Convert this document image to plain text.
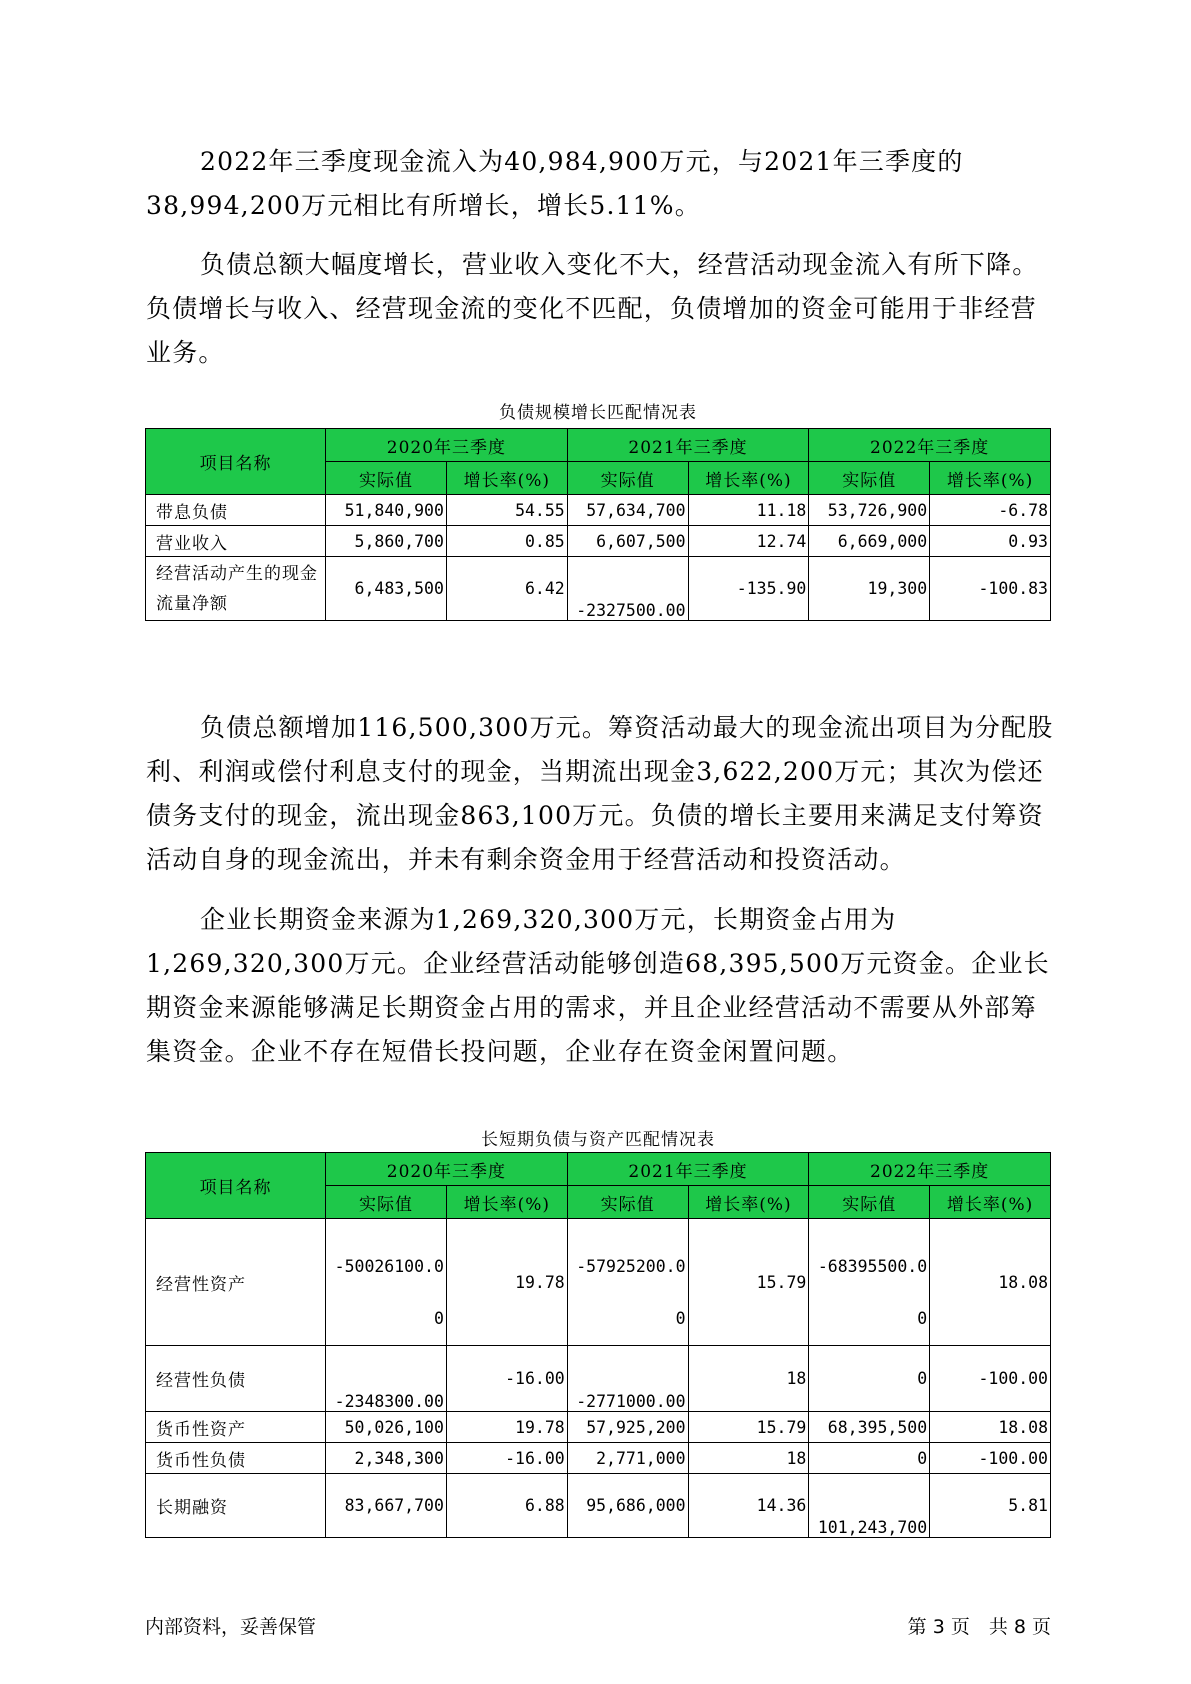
2022年三季度现金流入为40,984,900万元，与2021年三季度的38,994,200万元相比有所增长，增长5.11%。

负债总额大幅度增长，营业收入变化不大，经营活动现金流入有所下降。负债增长与收入、经营现金流的变化不匹配，负债增加的资金可能用于非经营业务。

负债规模增长匹配情况表
项目名称	2020年三季度		2021年三季度		2022年三季度	
	实际值	增长率(%)	实际值	增长率(%)	实际值	增长率(%)
带息负债	51,840,900	54.55	57,634,700	11.18	53,726,900	-6.78
营业收入	5,860,700	0.85	6,607,500	12.74	6,669,000	0.93
经营活动产生的现金流量净额	6,483,500	6.42	-2327500.00	-135.90	19,300	-100.83

负债总额增加116,500,300万元。筹资活动最大的现金流出项目为分配股利、利润或偿付利息支付的现金，当期流出现金3,622,200万元；其次为偿还债务支付的现金，流出现金863,100万元。负债的增长主要用来满足支付筹资活动自身的现金流出，并未有剩余资金用于经营活动和投资活动。

企业长期资金来源为1,269,320,300万元，长期资金占用为1,269,320,300万元。企业经营活动能够创造68,395,500万元资金。企业长期资金来源能够满足长期资金占用的需求，并且企业经营活动不需要从外部筹集资金。企业不存在短借长投问题，企业存在资金闲置问题。

长短期负债与资产匹配情况表
项目名称	2020年三季度		2021年三季度		2022年三季度	
	实际值	增长率(%)	实际值	增长率(%)	实际值	增长率(%)
经营性资产	-50026100.00	19.78	-57925200.00	15.79	-68395500.00	18.08
经营性负债	-2348300.00	-16.00	-2771000.00	18	0	-100.00
货币性资产	50,026,100	19.78	57,925,200	15.79	68,395,500	18.08
货币性负债	2,348,300	-16.00	2,771,000	18	0	-100.00
长期融资	83,667,700	6.88	95,686,000	14.36	101,243,700	5.81
内部资料，妥善保管	第 3 页　共 8 页
